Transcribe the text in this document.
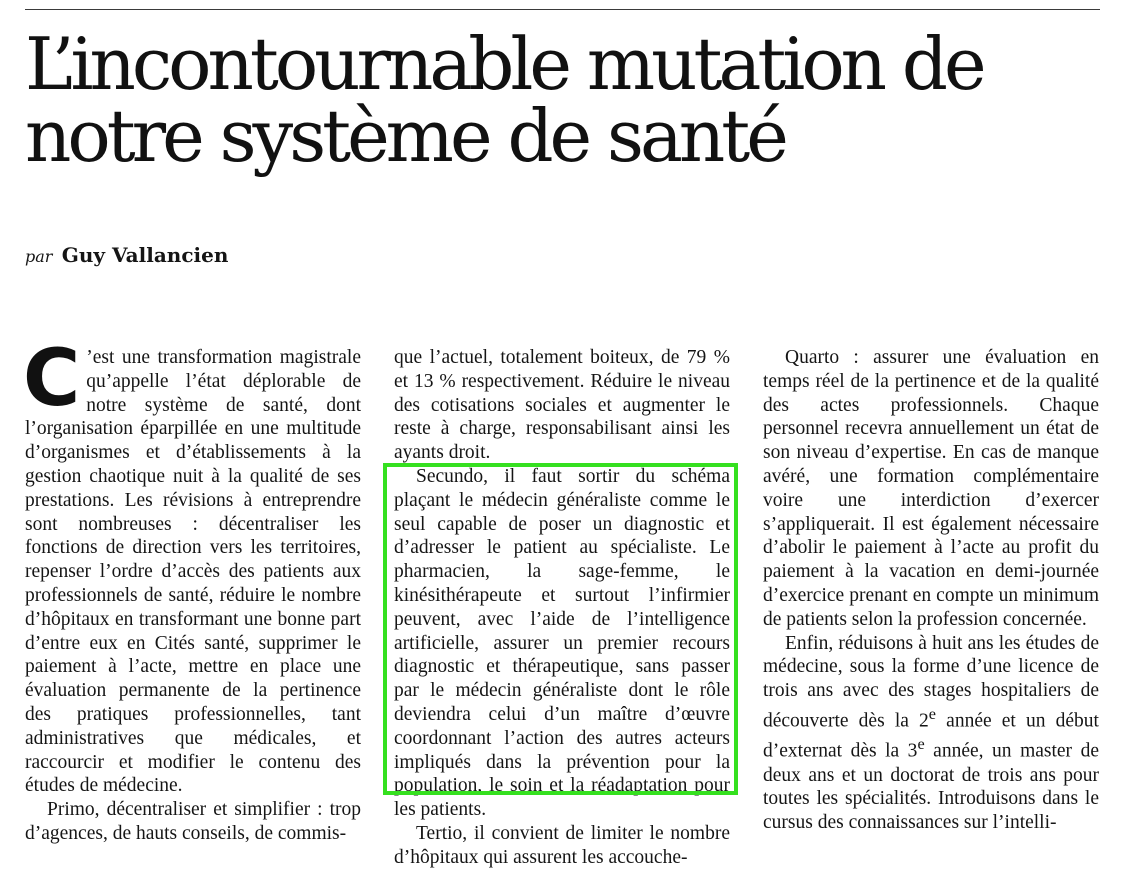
L’incontournable mutation de notre système de santé
par Guy Vallancien

C ’est une transformation magistrale qu’appelle l’état déplorable de notre système de santé, dont l’organisation éparpillée en une multitude d’organismes et d’établissements à la gestion chaotique nuit à la qualité de ses prestations. Les révisions à entreprendre sont nombreuses : décentraliser les fonctions de direction vers les territoires, repenser l’ordre d’accès des patients aux professionnels de santé, réduire le nombre d’hôpitaux en transformant une bonne part d’entre eux en Cités santé, supprimer le paiement à l’acte, mettre en place une évaluation permanente de la pertinence des pratiques professionnelles, tant administratives que médicales, et raccourcir et modifier le contenu des études de médecine.

Primo, décentraliser et simplifier : trop d’agences, de hauts conseils, de commis-

que l’actuel, totalement boiteux, de 79 % et 13 % respectivement. Réduire le niveau des cotisations sociales et augmenter le reste à charge, responsabilisant ainsi les ayants droit.

Secundo, il faut sortir du schéma plaçant le médecin généraliste comme le seul capable de poser un diagnostic et d’adresser le patient au spécialiste. Le pharmacien, la sage-femme, le kinésithérapeute et surtout l’infirmier peuvent, avec l’aide de l’intelligence artificielle, assurer un premier recours diagnostic et thérapeutique, sans passer par le médecin généraliste dont le rôle deviendra celui d’un maître d’œuvre coordonnant l’action des autres acteurs impliqués dans la prévention pour la population, le soin et la réadaptation pour les patients.

Tertio, il convient de limiter le nombre d’hôpitaux qui assurent les accouche-

Quarto : assurer une évaluation en temps réel de la pertinence et de la qualité des actes professionnels. Chaque personnel recevra annuellement un état de son niveau d’expertise. En cas de manque avéré, une formation complémentaire voire une interdiction d’exercer s’appliquerait. Il est également nécessaire d’abolir le paiement à l’acte au profit du paiement à la vacation en demi-journée d’exercice prenant en compte un minimum de patients selon la profession concernée.

Enfin, réduisons à huit ans les études de médecine, sous la forme d’une licence de trois ans avec des stages hospitaliers de découverte dès la 2e année et un début d’externat dès la 3e année, un master de deux ans et un doctorat de trois ans pour toutes les spécialités. Introduisons dans le cursus des connaissances sur l’intelli-
